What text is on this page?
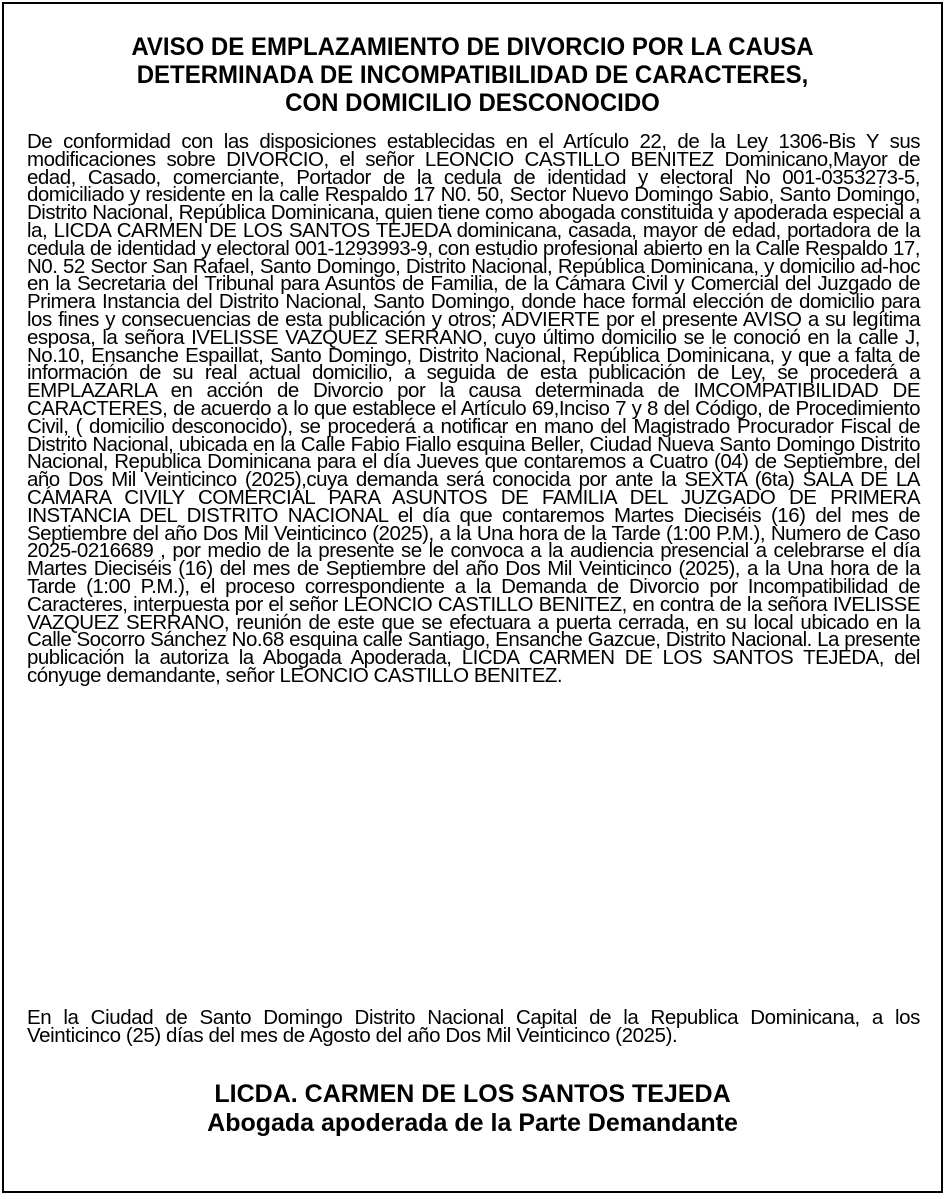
AVISO DE EMPLAZAMIENTO DE DIVORCIO POR LA CAUSA
DETERMINADA DE INCOMPATIBILIDAD DE CARACTERES,
CON DOMICILIO DESCONOCIDO

De conformidad con las disposiciones establecidas en el Artículo 22, de la Ley 1306-Bis Y sus modificaciones sobre DIVORCIO, el señor LEONCIO CASTILLO BENITEZ Dominicano,Mayor de edad, Casado, comerciante, Portador de la cedula de identidad y electoral No 001-0353273-5, domiciliado y residente en la calle Respaldo 17 N0. 50, Sector Nuevo Domingo Sabio, Santo Domingo, Distrito Nacional, República Dominicana, quien tiene como abogada constituida y apoderada especial a la, LICDA CARMEN DE LOS SANTOS TEJEDA dominicana, casada, mayor de edad, portadora de la cedula de identidad y electoral 001-1293993-9, con estudio profesional abierto en la Calle Respaldo 17, N0. 52 Sector San Rafael, Santo Domingo, Distrito Nacional, República Dominicana, y domicilio ad-hoc en la Secretaria del Tribunal para Asuntos de Familia, de la Cámara Civil y Comercial del Juzgado de Primera Instancia del Distrito Nacional, Santo Domingo, donde hace formal elección de domicilio para los fines y consecuencias de esta publicación y otros; ADVIERTE por el presente AVISO a su legítima esposa, la señora IVELISSE VAZQUEZ SERRANO, cuyo último domicilio se le conoció en la calle J, No.10, Ensanche Espaillat, Santo Domingo, Distrito Nacional, República Dominicana, y que a falta de información de su real actual domicilio, a seguida de esta publicación de Ley, se procederá a EMPLAZARLA en acción de Divorcio por la causa determinada de IMCOMPATIBILIDAD DE CARACTERES, de acuerdo a lo que establece el Artículo 69,Inciso 7 y 8 del Código, de Procedimiento Civil, ( domicilio desconocido), se procederá a notificar en mano del Magistrado Procurador Fiscal de Distrito Nacional, ubicada en la Calle Fabio Fiallo esquina Beller, Ciudad Nueva Santo Domingo Distrito Nacional, Republica Dominicana para el día Jueves que contaremos a Cuatro (04) de Septiembre, del año Dos Mil Veinticinco (2025),cuya demanda será conocida por ante la SEXTA (6ta) SALA DE LA CÁMARA CIVILY COMERCIAL PARA ASUNTOS DE FAMILIA DEL JUZGADO DE PRIMERA INSTANCIA DEL DISTRITO NACIONAL el día que contaremos Martes Dieciséis (16) del mes de Septiembre del año Dos Mil Veinticinco (2025), a la Una hora de la Tarde (1:00 P.M.), Numero de Caso 2025-0216689 , por medio de la presente se le convoca a la audiencia presencial a celebrarse el día Martes Dieciséis (16) del mes de Septiembre del año Dos Mil Veinticinco (2025), a la Una hora de la Tarde (1:00 P.M.), el proceso correspondiente a la Demanda de Divorcio por Incompatibilidad de Caracteres, interpuesta por el señor LEONCIO CASTILLO BENITEZ, en contra de la señora IVELISSE VAZQUEZ SERRANO, reunión de este que se efectuara a puerta cerrada, en su local ubicado en la Calle Socorro Sánchez No.68 esquina calle Santiago, Ensanche Gazcue, Distrito Nacional. La presente publicación la autoriza la Abogada Apoderada, LICDA CARMEN DE LOS SANTOS TEJEDA, del cónyuge demandante, señor LEONCIO CASTILLO BENITEZ.

En la Ciudad de Santo Domingo Distrito Nacional Capital de la Republica Dominicana, a los Veinticinco (25) días del mes de Agosto del año Dos Mil Veinticinco (2025).

LICDA. CARMEN DE LOS SANTOS TEJEDA
Abogada apoderada de la Parte Demandante
